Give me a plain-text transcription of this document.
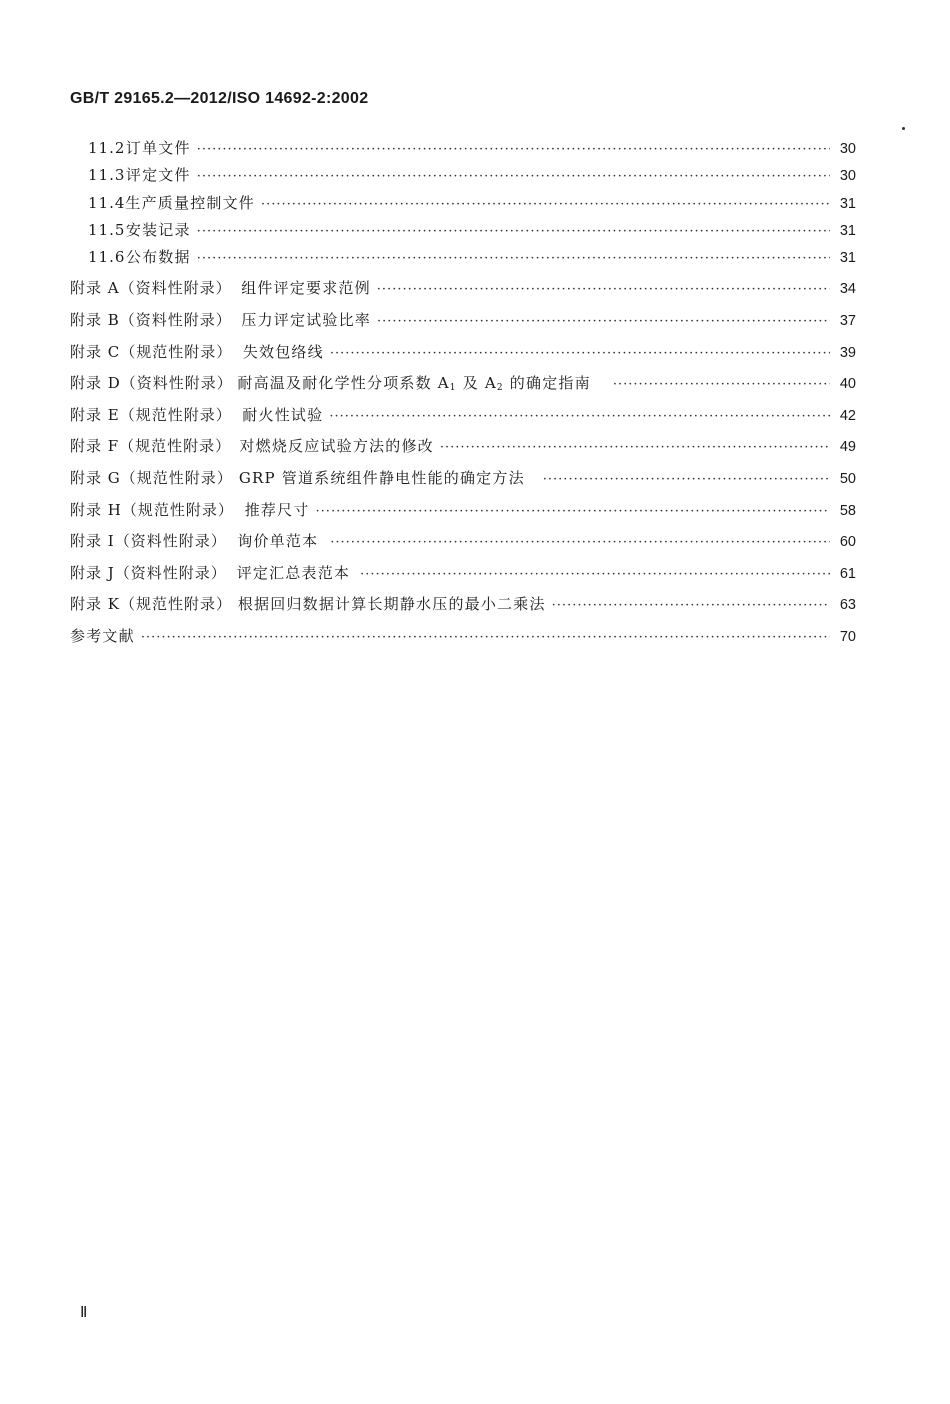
GB/T 29165.2—2012/ISO 14692-2:2002
11.2 订单文件 ·····	30
11.3 评定文件 ·····	30
11.4 生产质量控制文件 ·····	31
11.5 安装记录 ·····	31
11.6 公布数据 ·····	31
附录 A（资料性附录） 组件评定要求范例 ·····	34
附录 B（资料性附录） 压力评定试验比率 ·····	37
附录 C（规范性附录） 失效包络线 ·····	39
附录 D（资料性附录） 耐高温及耐化学性分项系数 $A_1$ 及 $A_2$ 的确定指南 ·····	40
附录 E（规范性附录） 耐火性试验 ·····	42
附录 F（规范性附录） 对燃烧反应试验方法的修改 ·····	49
附录 G（规范性附录） GRP 管道系统组件静电性能的确定方法 ·····	50
附录 H（规范性附录） 推荐尺寸 ·····	58
附录 I（资料性附录） 询价单范本 ·····	60
附录 J（资料性附录） 评定汇总表范本 ·····	61
附录 K（规范性附录） 根据回归数据计算长期静水压的最小二乘法 ·····	63
参考文献 ·····	70
Ⅱ
